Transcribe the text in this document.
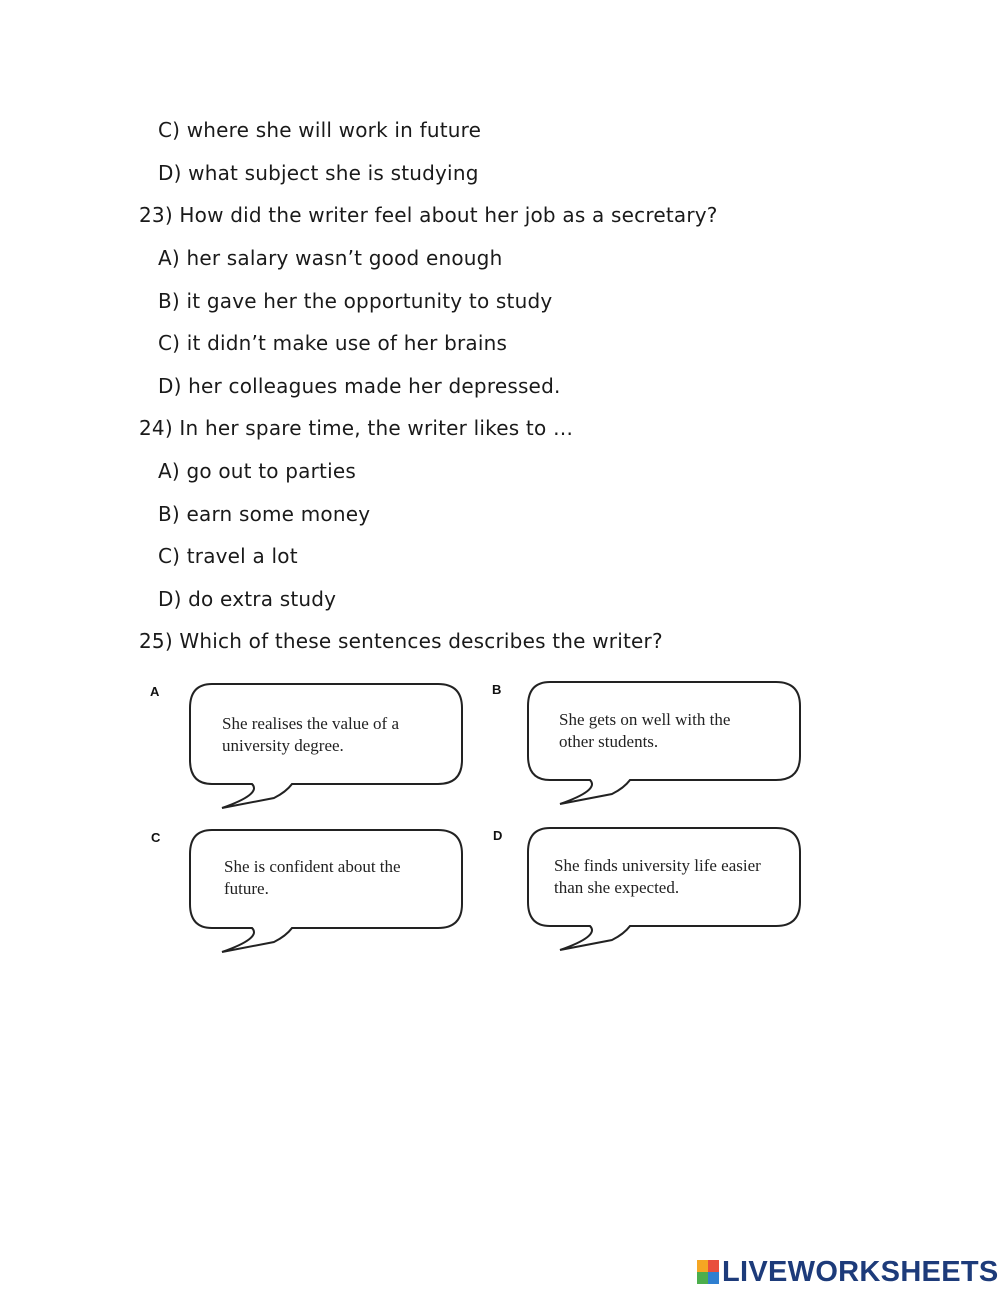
C) where she will work in future
D) what subject she is studying
23) How did the writer feel about her job as a secretary?
A) her salary wasn’t good enough
B) it gave her the opportunity to study
C) it didn’t make use of her brains
D) her colleagues made her depressed.
24) In her spare time, the writer likes to …
A) go out to parties
B) earn some money
C) travel a lot
D) do extra study
25) Which of these sentences describes the writer?
A
She realises the value of a
university degree.
B
She gets on well with the
other students.
C
She is confident about the
future.
D
She finds university life easier
than she expected.
LIVEWORKSHEETS
